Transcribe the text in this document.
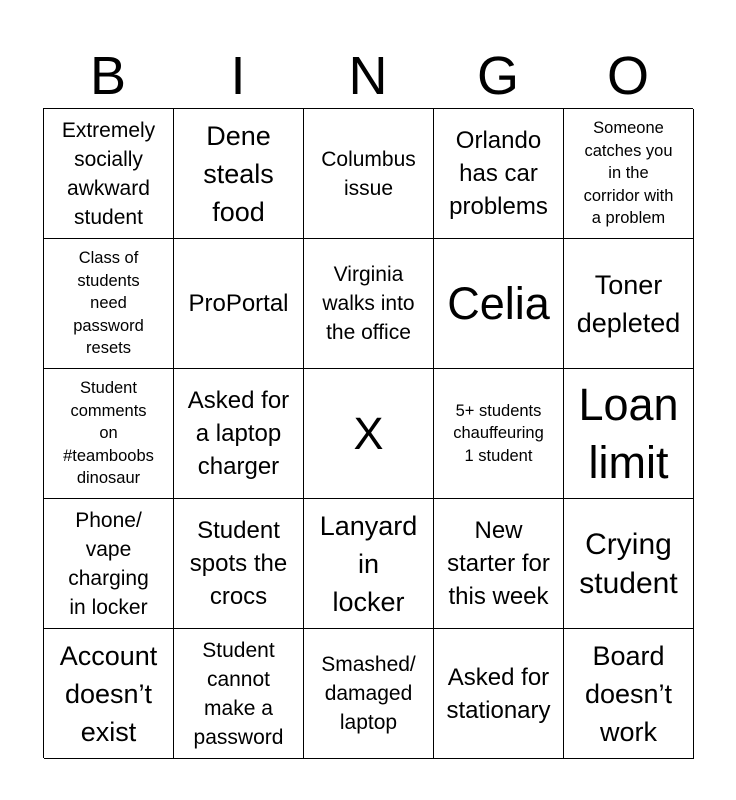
B	I	N	G	O
Extremely
socially
awkward
student
Dene
steals
food
Columbus
issue
Orlando
has car
problems
Someone
catches you
in the
corridor with
a problem
Class of
students
need
password
resets
ProPortal
Virginia
walks into
the office
Celia	Toner
depleted
Student
comments
on
#teamboobs
dinosaur
Asked for
a laptop
charger
X	5+ students
chauffeuring
1 student
Loan
limit
Phone/
vape
charging
in locker
Student
spots the
crocs
Lanyard
in
locker
New
starter for
this week
Crying
student
Account
doesn’t
exist
Student
cannot
make a
password
Smashed/
damaged
laptop
Asked for
stationary
Board
doesn’t
work
